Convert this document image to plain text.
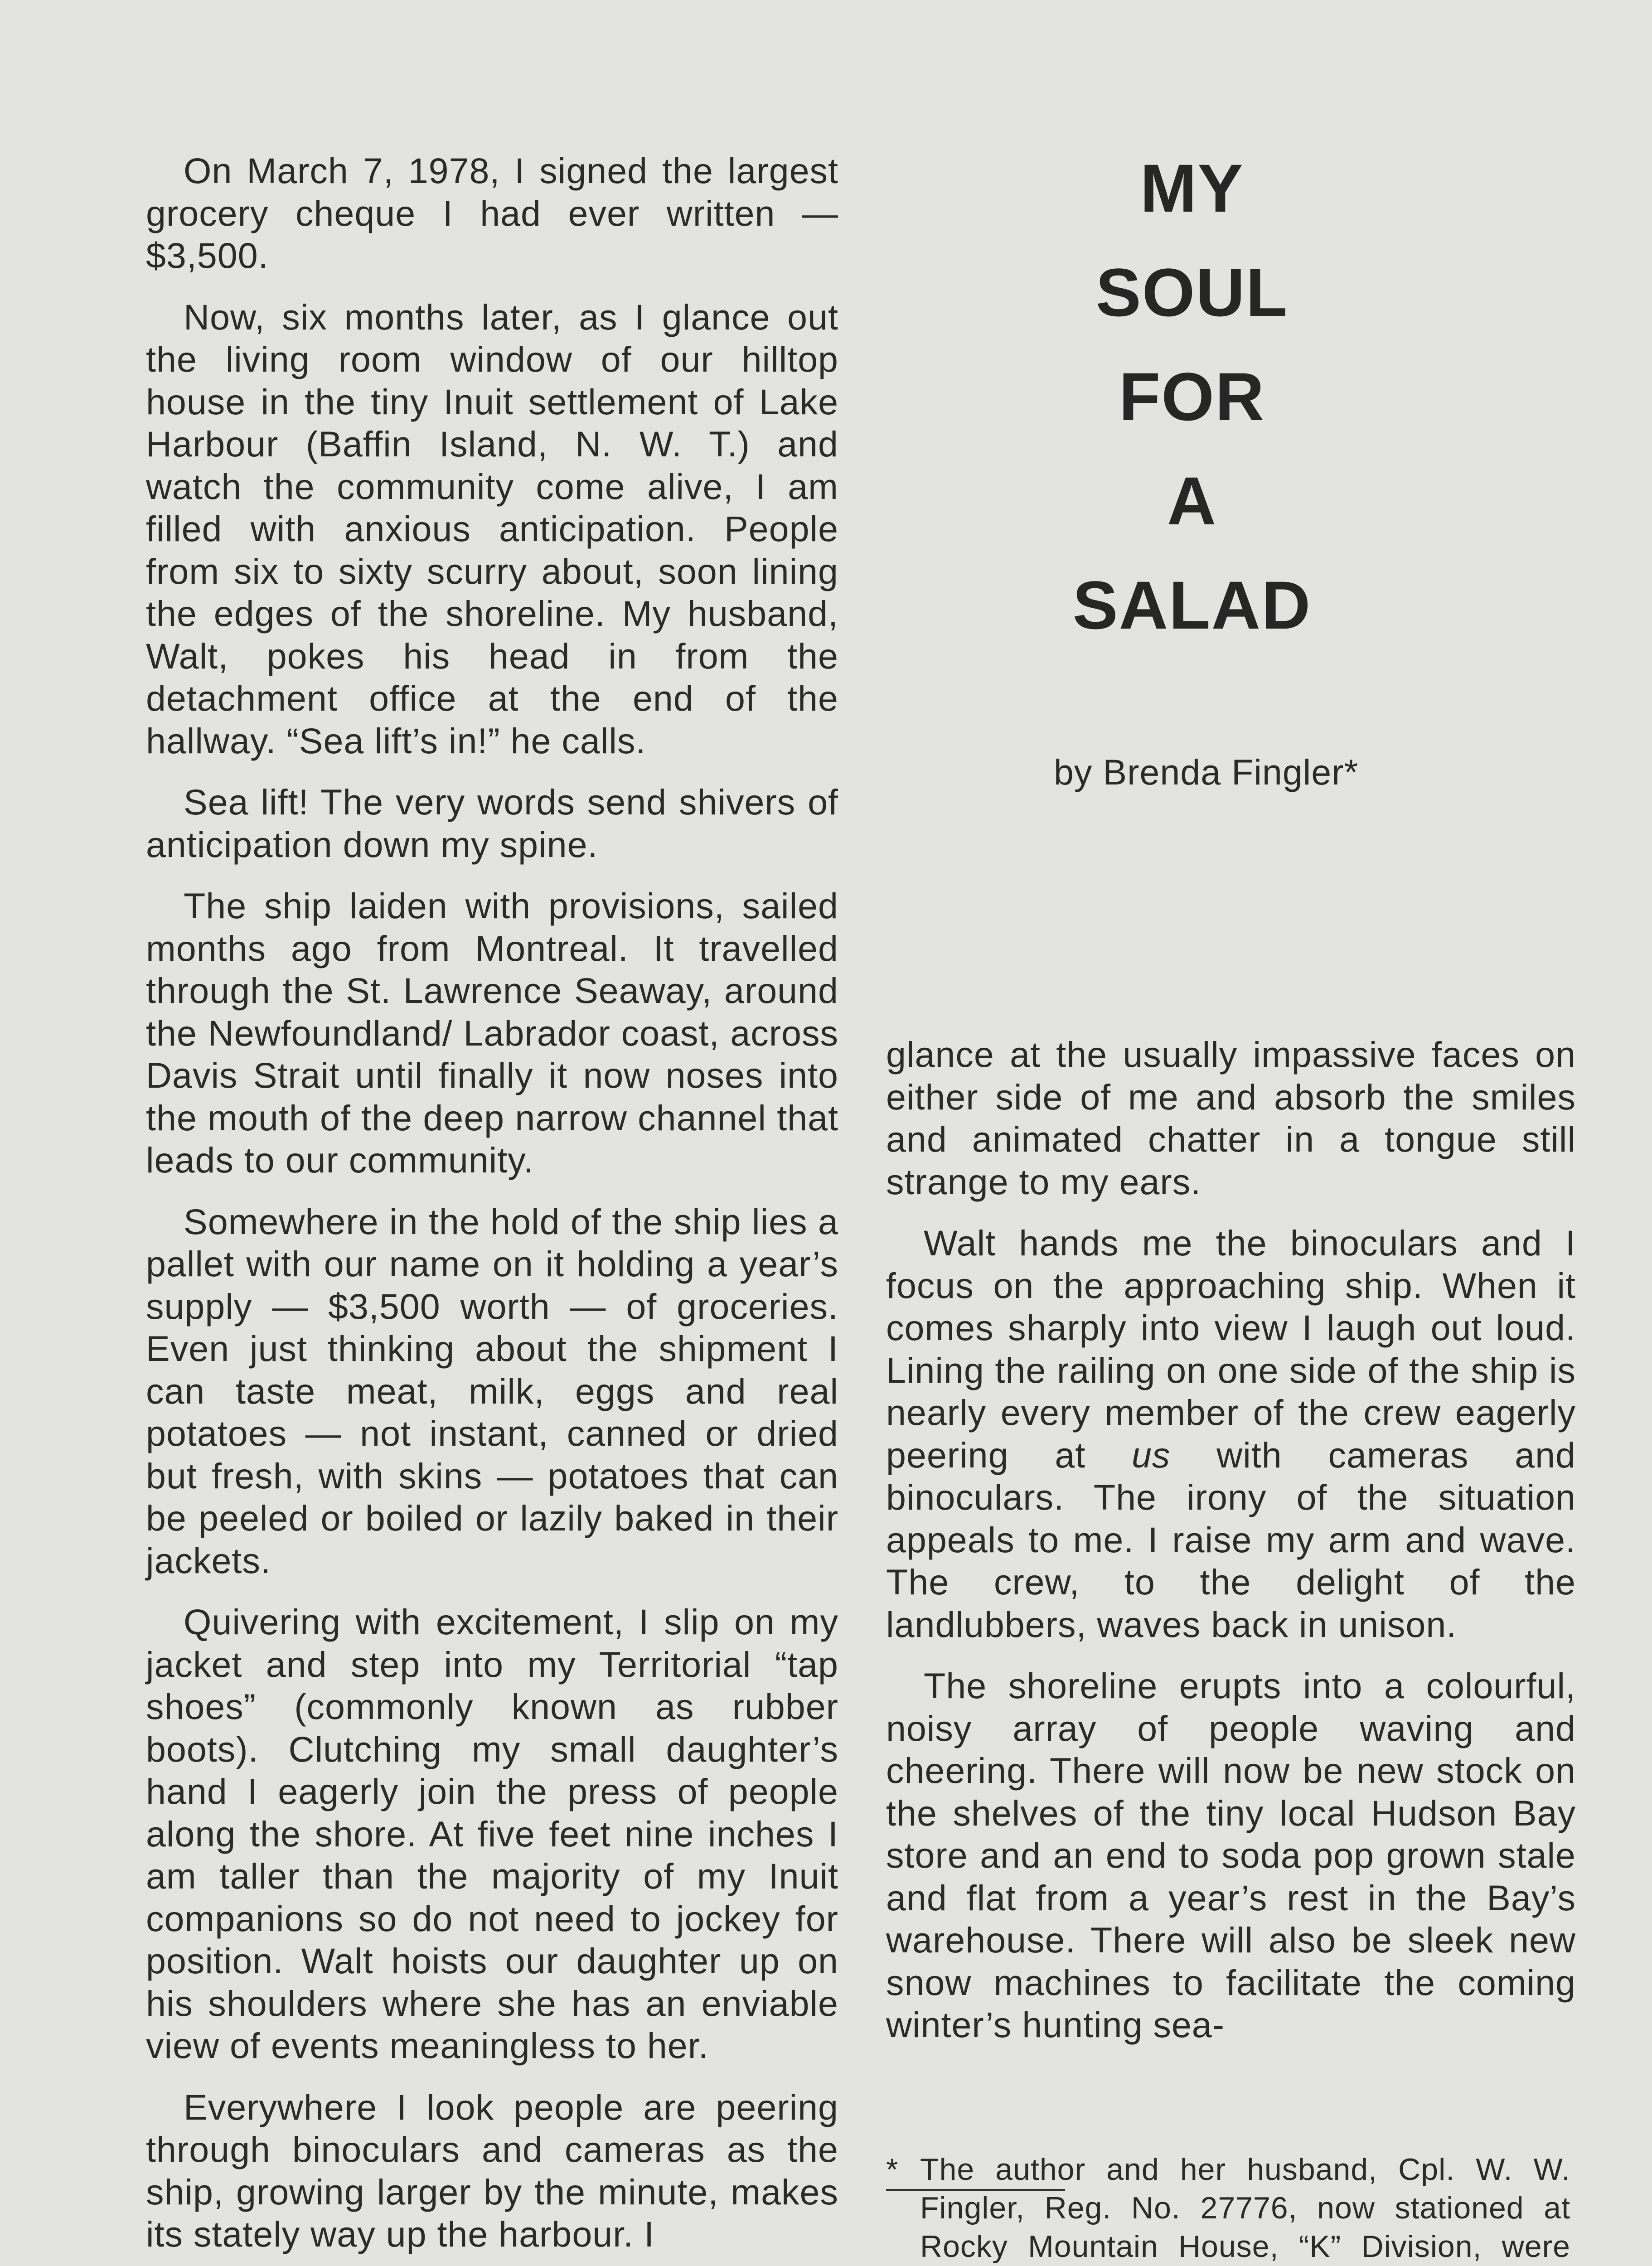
On March 7, 1978, I signed the largest grocery cheque I had ever written — $3,500.

Now, six months later, as I glance out the living room window of our hilltop house in the tiny Inuit settlement of Lake Harbour (Baffin Island, N. W. T.) and watch the community come alive, I am filled with anxious anticipation. People from six to sixty scurry about, soon lining the edges of the shoreline. My husband, Walt, pokes his head in from the detachment office at the end of the hallway. “Sea lift’s in!” he calls.

Sea lift! The very words send shivers of anticipation down my spine.

The ship laiden with provisions, sailed months ago from Montreal. It travelled through the St. Lawrence Seaway, around the Newfoundland/ Labrador coast, across Davis Strait until finally it now noses into the mouth of the deep narrow channel that leads to our community.

Somewhere in the hold of the ship lies a pallet with our name on it holding a year’s supply — $3,500 worth — of groceries. Even just thinking about the shipment I can taste meat, milk, eggs and real potatoes — not instant, canned or dried but fresh, with skins — potatoes that can be peeled or boiled or lazily baked in their jackets.

Quivering with excitement, I slip on my jacket and step into my Territorial “tap shoes” (commonly known as rubber boots). Clutching my small daughter’s hand I eagerly join the press of people along the shore. At five feet nine inches I am taller than the majority of my Inuit companions so do not need to jockey for position. Walt hoists our daughter up on his shoulders where she has an enviable view of events meaningless to her.

Everywhere I look people are peering through binoculars and cameras as the ship, growing larger by the minute, makes its stately way up the harbour. I

MY
SOUL
FOR
A
SALAD
by Brenda Fingler*

glance at the usually impassive faces on either side of me and absorb the smiles and animated chatter in a tongue still strange to my ears.

Walt hands me the binoculars and I focus on the approaching ship. When it comes sharply into view I laugh out loud. Lining the railing on one side of the ship is nearly every member of the crew eagerly peering at us with cameras and binoculars. The irony of the situation appeals to me. I raise my arm and wave. The crew, to the delight of the landlubbers, waves back in unison.

The shoreline erupts into a colourful, noisy array of people waving and cheering. There will now be new stock on the shelves of the tiny local Hudson Bay store and an end to soda pop grown stale and flat from a year’s rest in the Bay’s warehouse. There will also be sleek new snow machines to facilitate the coming winter’s hunting sea-

* The author and her husband, Cpl. W. W. Fingler, Reg. No. 27776, now stationed at Rocky Mountain House, “K” Division, were
